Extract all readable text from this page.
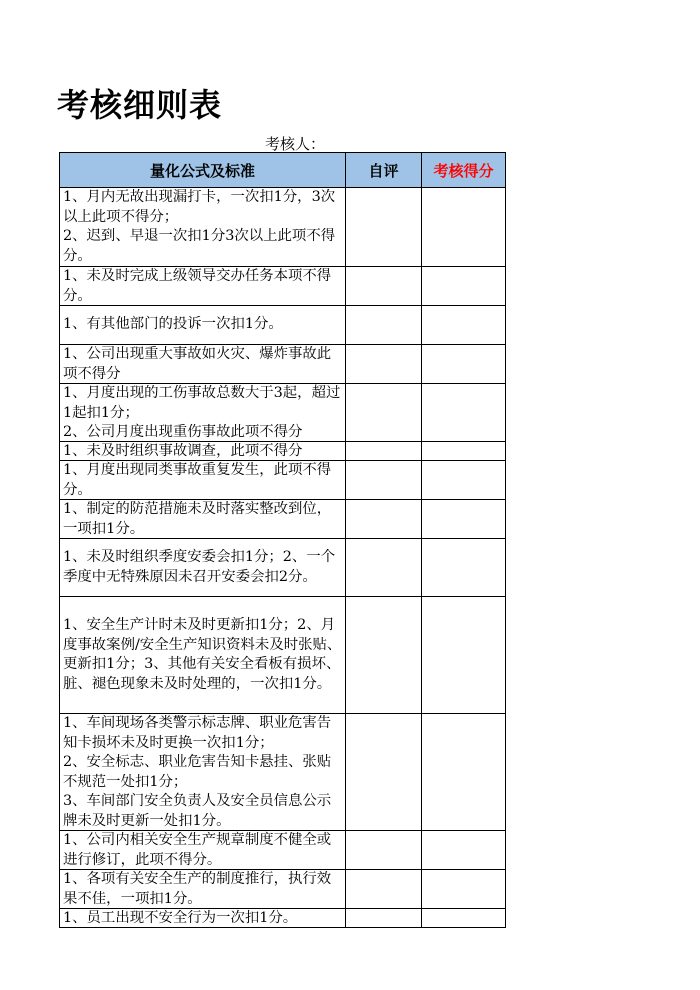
考核细则表
考核人：
量化公式及标准	自评	考核得分

1、月内无故出现漏打卡，一次扣1分，3次以上此项不得分；
2、迟到、早退一次扣1分3次以上此项不得分。		

1、未及时完成上级领导交办任务本项不得分。		

1、有其他部门的投诉一次扣1分。		

1、公司出现重大事故如火灾、爆炸事故此项不得分		

1、月度出现的工伤事故总数大于3起，超过1起扣1分；
2、公司月度出现重伤事故此项不得分		

1、未及时组织事故调查，此项不得分		

1、月度出现同类事故重复发生，此项不得分。		

1、制定的防范措施未及时落实整改到位，一项扣1分。		

1、未及时组织季度安委会扣1分；2、一个季度中无特殊原因未召开安委会扣2分。		

1、安全生产计时未及时更新扣1分；2、月度事故案例/安全生产知识资料未及时张贴、更新扣1分；3、其他有关安全看板有损坏、脏、褪色现象未及时处理的，一次扣1分。		

1、车间现场各类警示标志牌、职业危害告知卡损坏未及时更换一次扣1分；
2、安全标志、职业危害告知卡悬挂、张贴不规范一处扣1分；
3、车间部门安全负责人及安全员信息公示牌未及时更新一处扣1分。		

1、公司内相关安全生产规章制度不健全或进行修订，此项不得分。		

1、各项有关安全生产的制度推行，执行效果不佳，一项扣1分。		

1、员工出现不安全行为一次扣1分。		
